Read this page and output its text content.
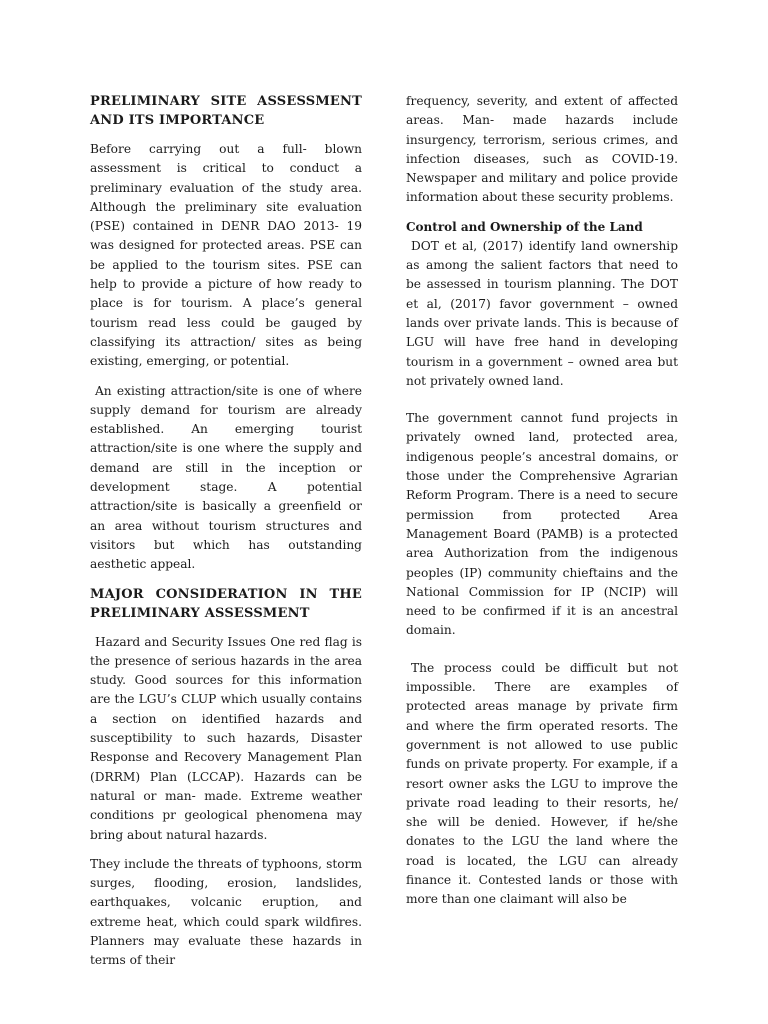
PRELIMINARY SITE ASSESSMENT AND ITS IMPORTANCE

Before carrying out a full- blown assessment is critical to conduct a preliminary evaluation of the study area. Although the preliminary site evaluation (PSE) contained in DENR DAO 2013- 19 was designed for protected areas. PSE can be applied to the tourism sites. PSE can help to provide a picture of how ready to place is for tourism. A place’s general tourism read less could be gauged by classifying its attraction/ sites as being existing, emerging, or potential.

An existing attraction/site is one of where supply demand for tourism are already established. An emerging tourist attraction/site is one where the supply and demand are still in the inception or development stage. A potential attraction/site is basically a greenfield or an area without tourism structures and visitors but which has outstanding aesthetic appeal.

MAJOR CONSIDERATION IN THE PRELIMINARY ASSESSMENT

Hazard and Security Issues One red flag is the presence of serious hazards in the area study. Good sources for this information are the LGU’s CLUP which usually contains a section on identified hazards and susceptibility to such hazards, Disaster Response and Recovery Management Plan (DRRM) Plan (LCCAP). Hazards can be natural or man- made. Extreme weather conditions pr geological phenomena may bring about natural hazards.

They include the threats of typhoons, storm surges, flooding, erosion, landslides, earthquakes, volcanic eruption, and extreme heat, which could spark wildfires. Planners may evaluate these hazards in terms of their

frequency, severity, and extent of affected areas. Man- made hazards include insurgency, terrorism, serious crimes, and infection diseases, such as COVID-19. Newspaper and military and police provide information about these security problems.

Control and Ownership of the Land

DOT et al, (2017) identify land ownership as among the salient factors that need to be assessed in tourism planning. The DOT et al, (2017) favor government – owned lands over private lands. This is because of LGU will have free hand in developing tourism in a government – owned area but not privately owned land.

The government cannot fund projects in privately owned land, protected area, indigenous people’s ancestral domains, or those under the Comprehensive Agrarian Reform Program. There is a need to secure permission from protected Area Management Board (PAMB) is a protected area Authorization from the indigenous peoples (IP) community chieftains and the National Commission for IP (NCIP) will need to be confirmed if it is an ancestral domain.

The process could be difficult but not impossible. There are examples of protected areas manage by private firm and where the firm operated resorts. The government is not allowed to use public funds on private property. For example, if a resort owner asks the LGU to improve the private road leading to their resorts, he/ she will be denied. However, if he/she donates to the LGU the land where the road is located, the LGU can already finance it. Contested lands or those with more than one claimant will also be
